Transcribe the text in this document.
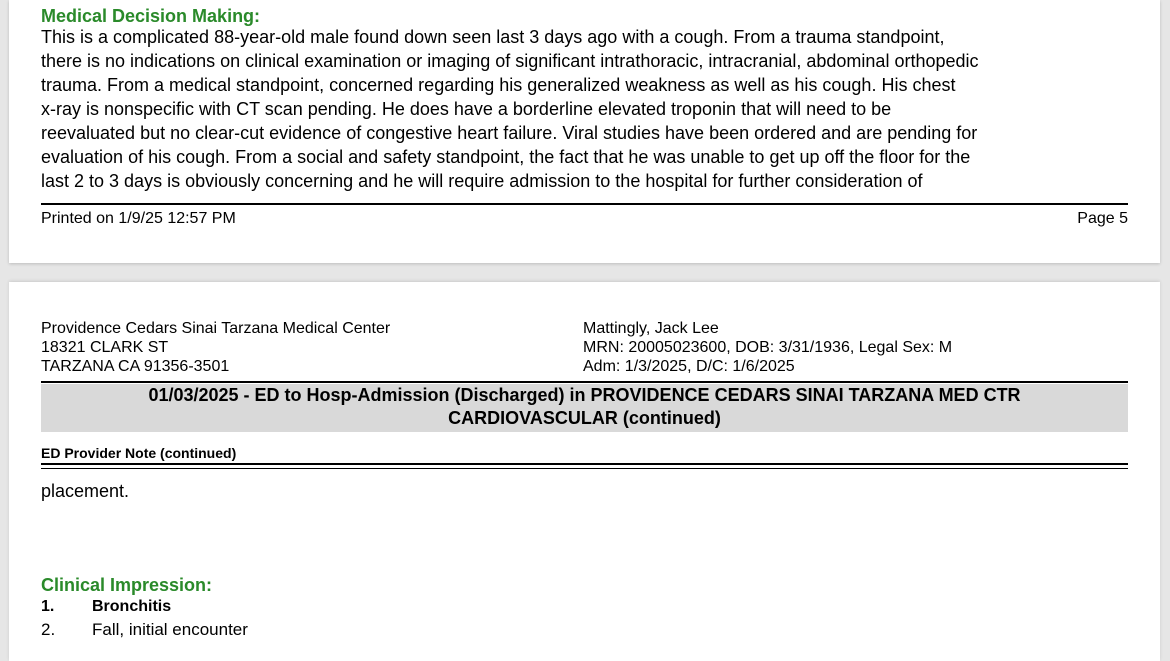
Medical Decision Making:
This is a complicated 88-year-old male found down seen last 3 days ago with a cough. From a trauma standpoint,
there is no indications on clinical examination or imaging of significant intrathoracic, intracranial, abdominal orthopedic
trauma. From a medical standpoint, concerned regarding his generalized weakness as well as his cough. His chest
x-ray is nonspecific with CT scan pending. He does have a borderline elevated troponin that will need to be
reevaluated but no clear-cut evidence of congestive heart failure. Viral studies have been ordered and are pending for
evaluation of his cough. From a social and safety standpoint, the fact that he was unable to get up off the floor for the
last 2 to 3 days is obviously concerning and he will require admission to the hospital for further consideration of
Printed on 1/9/25 12:57 PM	Page 5
Providence Cedars Sinai Tarzana Medical Center
18321 CLARK ST
TARZANA CA 91356-3501
Mattingly, Jack Lee
MRN: 20005023600, DOB: 3/31/1936, Legal Sex: M
Adm: 1/3/2025, D/C: 1/6/2025
01/03/2025 - ED to Hosp-Admission (Discharged) in PROVIDENCE CEDARS SINAI TARZANA MED CTR
CARDIOVASCULAR (continued)
ED Provider Note (continued)
placement.
Clinical Impression:
1.	Bronchitis
2.	Fall, initial encounter
